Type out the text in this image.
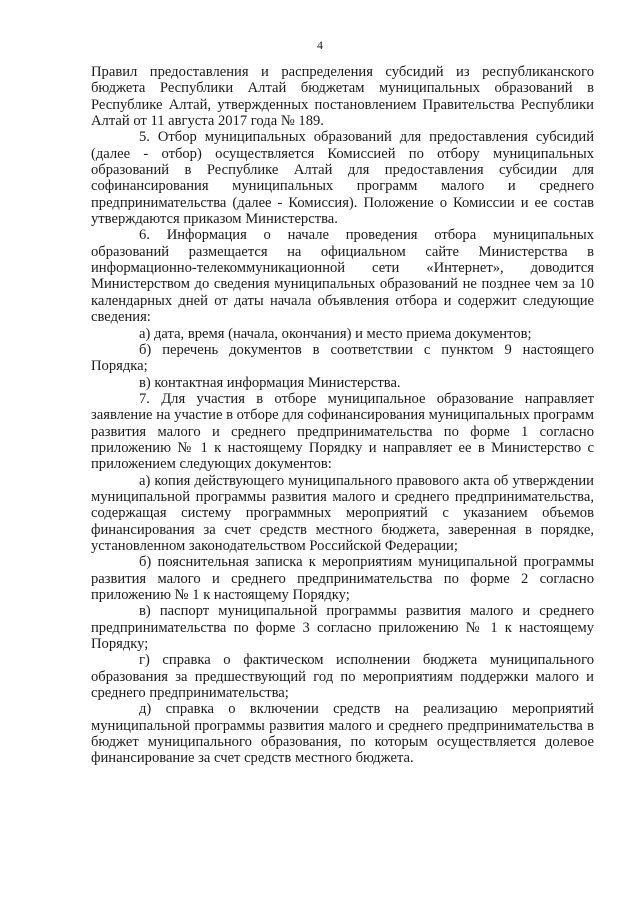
4

Правил предоставления и распределения субсидий из республиканского бюджета Республики Алтай бюджетам муниципальных образований в Республике Алтай, утвержденных постановлением Правительства Республики Алтай от 11 августа 2017 года № 189.

5. Отбор муниципальных образований для предоставления субсидий (далее - отбор) осуществляется Комиссией по отбору муниципальных образований в Республике Алтай для предоставления субсидии для софинансирования муниципальных программ малого и среднего предпринимательства (далее - Комиссия). Положение о Комиссии и ее состав утверждаются приказом Министерства.

6. Информация о начале проведения отбора муниципальных образований размещается на официальном сайте Министерства в информационно-телекоммуникационной сети «Интернет», доводится Министерством до сведения муниципальных образований не позднее чем за 10 календарных дней от даты начала объявления отбора и содержит следующие сведения:

а) дата, время (начала, окончания) и место приема документов;

б) перечень документов в соответствии с пунктом 9 настоящего Порядка;

в) контактная информация Министерства.

7. Для участия в отборе муниципальное образование направляет заявление на участие в отборе для софинансирования муниципальных программ развития малого и среднего предпринимательства по форме 1 согласно приложению № 1 к настоящему Порядку и направляет ее в Министерство с приложением следующих документов:

а) копия действующего муниципального правового акта об утверждении муниципальной программы развития малого и среднего предпринимательства, содержащая систему программных мероприятий с указанием объемов финансирования за счет средств местного бюджета, заверенная в порядке, установленном законодательством Российской Федерации;

б) пояснительная записка к мероприятиям муниципальной программы развития малого и среднего предпринимательства по форме 2 согласно приложению № 1 к настоящему Порядку;

в) паспорт муниципальной программы развития малого и среднего предпринимательства по форме 3 согласно приложению № 1 к настоящему Порядку;

г) справка о фактическом исполнении бюджета муниципального образования за предшествующий год по мероприятиям поддержки малого и среднего предпринимательства;

д) справка о включении средств на реализацию мероприятий муниципальной программы развития малого и среднего предпринимательства в бюджет муниципального образования, по которым осуществляется долевое финансирование за счет средств местного бюджета.
